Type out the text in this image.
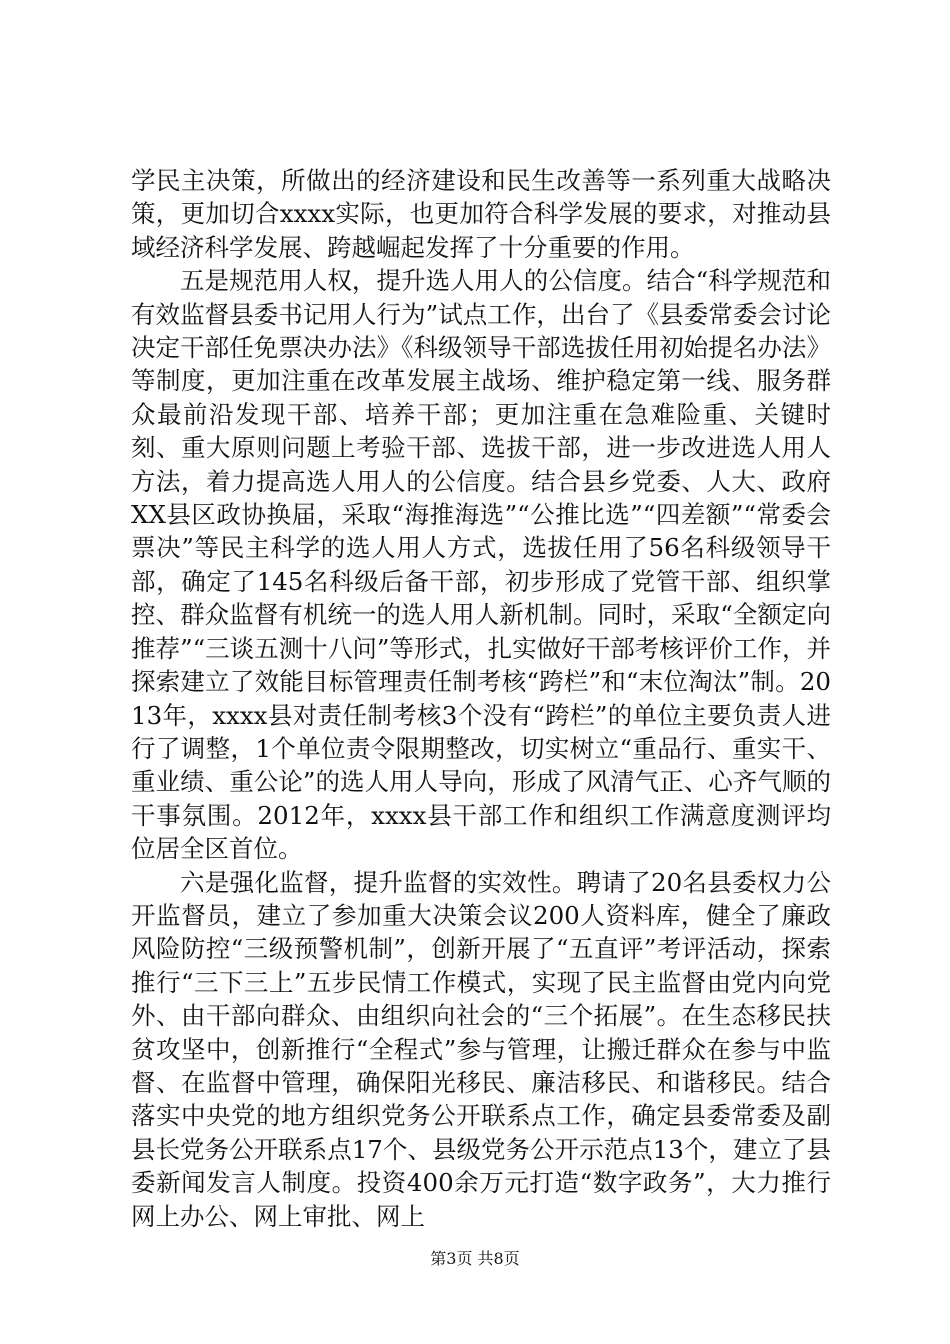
学民主决策，所做出的经济建设和民生改善等一系列重大战略决策，更加切合xxxx实际，也更加符合科学发展的要求，对推动县域经济科学发展、跨越崛起发挥了十分重要的作用。

五是规范用人权，提升选人用人的公信度。结合“科学规范和有效监督县委书记用人行为”试点工作，出台了《县委常委会讨论决定干部任免票决办法》《科级领导干部选拔任用初始提名办法》等制度，更加注重在改革发展主战场、维护稳定第一线、服务群众最前沿发现干部、培养干部；更加注重在急难险重、关键时刻、重大原则问题上考验干部、选拔干部，进一步改进选人用人方法，着力提高选人用人的公信度。结合县乡党委、人大、政府XX县区政协换届，采取“海推海选”“公推比选”“四差额”“常委会票决”等民主科学的选人用人方式，选拔任用了56名科级领导干部，确定了145名科级后备干部，初步形成了党管干部、组织掌控、群众监督有机统一的选人用人新机制。同时，采取“全额定向推荐”“三谈五测十八问”等形式，扎实做好干部考核评价工作，并探索建立了效能目标管理责任制考核“跨栏”和“末位淘汰”制。2013年，xxxx县对责任制考核3个没有“跨栏”的单位主要负责人进行了调整，1个单位责令限期整改，切实树立“重品行、重实干、重业绩、重公论”的选人用人导向，形成了风清气正、心齐气顺的干事氛围。2012年，xxxx县干部工作和组织工作满意度测评均位居全区首位。

六是强化监督，提升监督的实效性。聘请了20名县委权力公开监督员，建立了参加重大决策会议200人资料库，健全了廉政风险防控“三级预警机制”，创新开展了“五直评”考评活动，探索推行“三下三上”五步民情工作模式，实现了民主监督由党内向党外、由干部向群众、由组织向社会的“三个拓展”。在生态移民扶贫攻坚中，创新推行“全程式”参与管理，让搬迁群众在参与中监督、在监督中管理，确保阳光移民、廉洁移民、和谐移民。结合落实中央党的地方组织党务公开联系点工作，确定县委常委及副县长党务公开联系点17个、县级党务公开示范点13个，建立了县委新闻发言人制度。投资400余万元打造“数字政务”，大力推行网上办公、网上审批、网上

第3页 共8页
